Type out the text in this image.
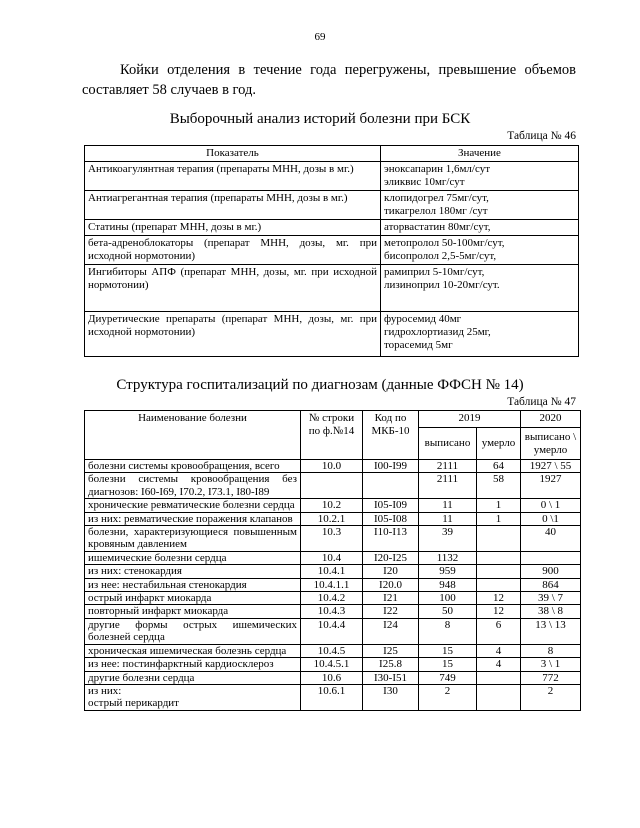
69
Койки отделения в течение года перегружены, превышение объемов составляет 58 случаев в год.
Выборочный анализ историй болезни при БСК
Таблица № 46
Показатель	Значение
Антикоагулянтная терапия (препараты МНН, дозы в мг.)	эноксапарин 1,6мл/сут
эликвис 10мг/сут

Антиагрегантная терапия (препараты МНН, дозы в мг.)	клопидогрел 75мг/сут,
тикагрелол 180мг /сут

Статины (препарат МНН, дозы в мг.)	аторвастатин 80мг/сут,

бета-адреноблокаторы (препарат МНН, дозы, мг. при исходной нормотонии)	метопролол 50-100мг/сут,
бисопролол 2,5-5мг/сут,

Ингибиторы АПФ (препарат МНН, дозы, мг. при исходной нормотонии)	рамиприл 5-10мг/сут,
лизиноприл 10-20мг/сут.

Диуретические препараты (препарат МНН, дозы, мг. при исходной нормотонии)	фуросемид 40мг
гидрохлортиазид 25мг,
торасемид 5мг
Структура госпитализаций по диагнозам (данные ФФСН № 14)
Таблица № 47
Наименование болезни	№ строки по ф.№14	Код по МКБ-10	2019		2020
			выписано	умерло	выписано \ умерло
болезни системы кровообращения, всего	10.0	I00-I99	2111	64	1927 \ 55
болезни системы кровообращения без диагнозов: I60-I69, I70.2, I73.1, I80-I89			2111	58	1927
хронические ревматические болезни сердца	10.2	I05-I09	11	1	0 \ 1
из них: ревматические поражения клапанов	10.2.1	I05-I08	11	1	0 \1
болезни, характеризующиеся повышенным кровяным давлением	10.3	I10-I13	39		40
ишемические болезни сердца	10.4	I20-I25	1132		
из них: стенокардия	10.4.1	I20	959		900
из нее: нестабильная стенокардия	10.4.1.1	I20.0	948		864
острый инфаркт миокарда	10.4.2	I21	100	12	39 \ 7
повторный инфаркт миокарда	10.4.3	I22	50	12	38 \ 8
другие формы острых ишемических болезней сердца	10.4.4	I24	8	6	13 \ 13
хроническая ишемическая болезнь сердца	10.4.5	I25	15	4	8
из нее: постинфарктный кардиосклероз	10.4.5.1	I25.8	15	4	3 \ 1
другие болезни сердца	10.6	I30-I51	749		772

из них:
острый перикардит	10.6.1	I30	2		2
